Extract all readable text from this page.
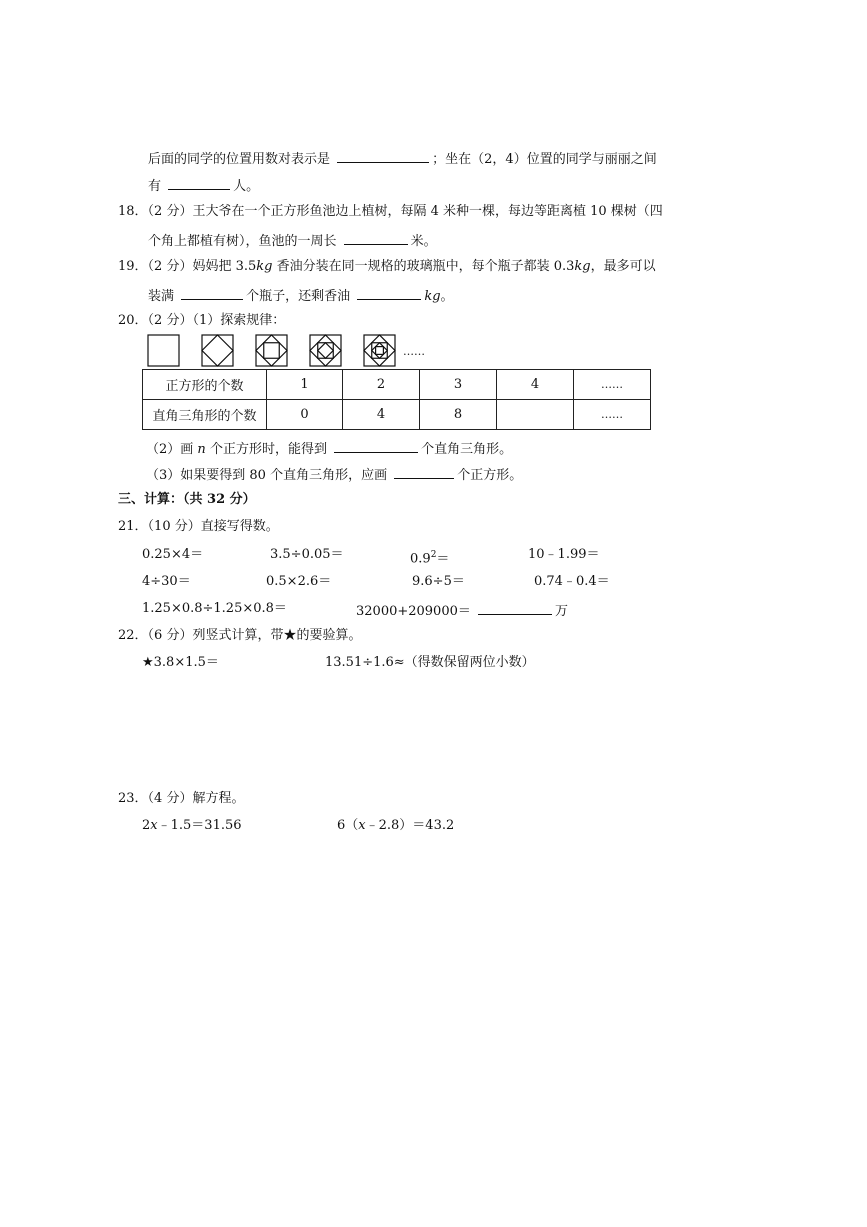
后面的同学的位置用数对表示是	；坐在（2，4）位置的同学与丽丽之间
有	人。
18．（2 分）王大爷在一个正方形鱼池边上植树，每隔 4 米种一棵，每边等距离植 10 棵树（四
个角上都植有树），鱼池的一周长	米。
19．（2 分）妈妈把 3.5kg 香油分装在同一规格的玻璃瓶中，每个瓶子都装 0.3kg，最多可以
装满	个瓶子，还剩香油	kg。
20．（2 分）（1）探索规律：
……
正方形的个数	1	2	3	4	……
直角三角形的个数	0	4	8		……
（2）画 n 个正方形时，能得到	个直角三角形。
（3）如果要得到 80 个直角三角形，应画	个正方形。
三、计算：（共 32 分）
21．（10 分）直接写得数。
0.25×4＝	3.5÷0.05＝	$0.9^2=$	10﹣1.99＝
4÷30＝	0.5×2.6＝	9.6÷5＝	0.74﹣0.4＝
1.25×0.8÷1.25×0.8＝	32000+209000＝	万
22．（6 分）列竖式计算，带★的要验算。
★3.8×1.5＝	13.51÷1.6≈（得数保留两位小数）
23．（4 分）解方程。
2x﹣1.5＝31.56	6（x﹣2.8）＝43.2
